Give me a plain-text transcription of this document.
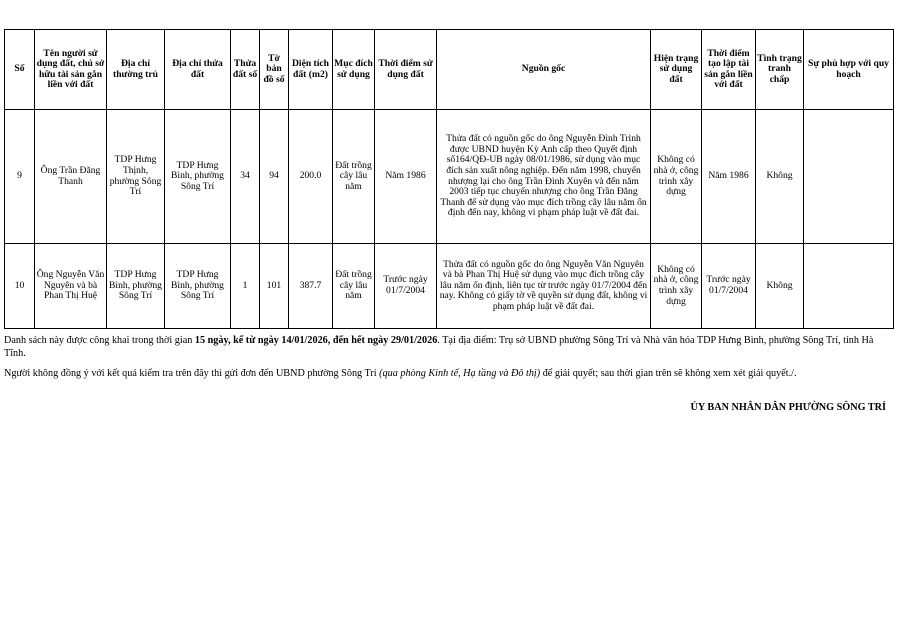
Số	Tên người sử dụng đất, chủ sở hữu tài sản gắn liền với đất	Địa chỉ thường trú	Địa chỉ thửa đất	Thửa đất số	Tờ bản đồ số	Diện tích đất (m2)	Mục đích sử dụng	Thời điểm sử dụng đất	Nguồn gốc	Hiện trạng sử dụng đất	Thời điểm tạo lập tài sản gắn liền với đất	Tình trạng tranh chấp	Sự phù hợp với quy hoạch
9	Ông Trần Đăng Thanh	TDP Hưng Thịnh, phường Sông Trí	TDP Hưng Bình, phường Sông Trí	34	94	200.0	Đất trồng cây lâu năm	Năm 1986	Thửa đất có nguồn gốc do ông Nguyễn Đình Trình được UBND huyện Kỳ Anh cấp theo Quyết định số164/QĐ-UB ngày 08/01/1986, sử dụng vào mục đích sản xuất nông nghiệp. Đến năm 1998, chuyển nhượng lại cho ông Trần Đình Xuyên và đến năm 2003 tiếp tục chuyển nhượng cho ông Trần Đăng Thanh để sử dụng vào mục đích trồng cây lâu năm ổn định đến nay, không vi phạm pháp luật về đất đai.	Không có nhà ở, công trình xây dựng	Năm 1986	Không	
10	Ông Nguyễn Văn Nguyên và bà Phan Thị Huệ	TDP Hưng Bình, phường Sông Trí	TDP Hưng Bình, phường Sông Trí	1	101	387.7	Đất trồng cây lâu năm	Trước ngày 01/7/2004	Thửa đất có nguồn gốc do ông Nguyễn Văn Nguyên và bà Phan Thị Huệ sử dụng vào mục đích trồng cây lâu năm ổn định, liên tục từ trước ngày 01/7/2004 đến nay. Không có giấy tờ về quyền sử dụng đất, không vi phạm pháp luật về đất đai.	Không có nhà ở, công trình xây dựng	Trước ngày 01/7/2004	Không	

Danh sách này được công khai trong thời gian 15 ngày, kể từ ngày 14/01/2026, đến hết ngày 29/01/2026. Tại địa điểm: Trụ sở UBND phường Sông Trí và Nhà văn hóa TDP Hưng Bình, phường Sông Trí, tỉnh Hà Tĩnh.

Người không đồng ý với kết quả kiểm tra trên đây thì gửi đơn đến UBND phường Sông Trí (qua phòng Kinh tế, Hạ tầng và Đô thị) để giải quyết; sau thời gian trên sẽ không xem xét giải quyết./.

ỦY BAN NHÂN DÂN PHƯỜNG SÔNG TRÍ
